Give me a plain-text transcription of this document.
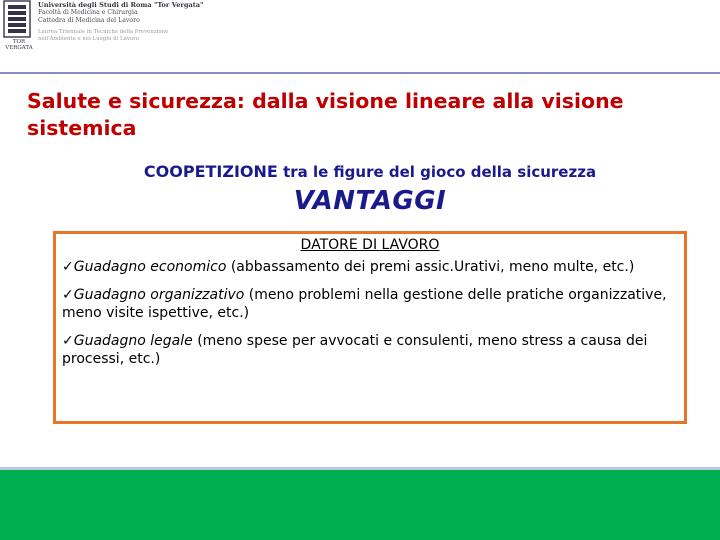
TOR VERGATA
Università degli Studi di Roma "Tor Vergata"
Facoltà di Medicina e Chirurgia
Cattedra di Medicina del Lavoro
Laurea Triennale in Tecniche della Prevenzione
nell'Ambiente e nei Luoghi di Lavoro
Salute e sicurezza: dalla visione lineare alla visione sistemica
COOPETIZIONE tra le figure del gioco della sicurezza
VANTAGGI
DATORE DI LAVORO
✓Guadagno economico (abbassamento dei premi assic.Urativi, meno multe, etc.)
✓Guadagno organizzativo (meno problemi nella gestione delle pratiche organizzative, meno visite ispettive, etc.)
✓Guadagno legale (meno spese per avvocati e consulenti, meno stress a causa dei processi, etc.)
